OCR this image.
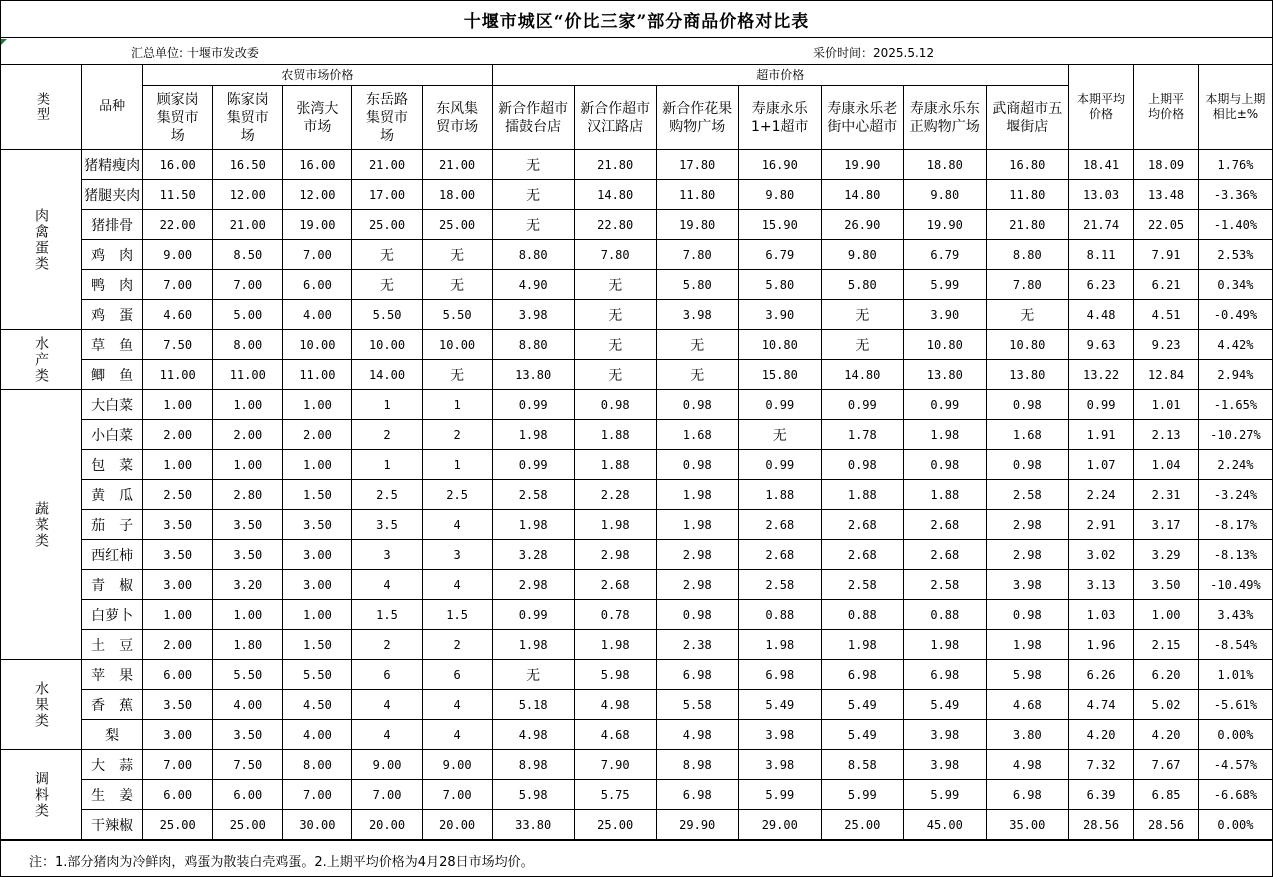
十堰市城区“价比三家”部分商品价格对比表
汇总单位: 十堰市发改委	采价时间：2025.5.12
类型	品种	农贸市场价格					超市价格							本期平均价格	上期平均价格	本期与上期相比±%
		顾家岗集贸市场	陈家岗集贸市场	张湾大市场	东岳路集贸市场	东风集贸市场	新合作超市擂鼓台店	新合作超市汉江路店	新合作花果购物广场	寿康永乐1+1超市	寿康永乐老街中心超市	寿康永乐东正购物广场	武商超市五堰街店			
肉禽蛋类	猪精瘦肉	16.00	16.50	16.00	21.00	21.00	无	21.80	17.80	16.90	19.90	18.80	16.80	18.41	18.09	1.76%
	猪腿夹肉	11.50	12.00	12.00	17.00	18.00	无	14.80	11.80	9.80	14.80	9.80	11.80	13.03	13.48	-3.36%
	猪排骨	22.00	21.00	19.00	25.00	25.00	无	22.80	19.80	15.90	26.90	19.90	21.80	21.74	22.05	-1.40%
	鸡　肉	9.00	8.50	7.00	无	无	8.80	7.80	7.80	6.79	9.80	6.79	8.80	8.11	7.91	2.53%
	鸭　肉	7.00	7.00	6.00	无	无	4.90	无	5.80	5.80	5.80	5.99	7.80	6.23	6.21	0.34%
	鸡　蛋	4.60	5.00	4.00	5.50	5.50	3.98	无	3.98	3.90	无	3.90	无	4.48	4.51	-0.49%
水产类	草　鱼	7.50	8.00	10.00	10.00	10.00	8.80	无	无	10.80	无	10.80	10.80	9.63	9.23	4.42%
	鲫　鱼	11.00	11.00	11.00	14.00	无	13.80	无	无	15.80	14.80	13.80	13.80	13.22	12.84	2.94%
蔬菜类	大白菜	1.00	1.00	1.00	1	1	0.99	0.98	0.98	0.99	0.99	0.99	0.98	0.99	1.01	-1.65%
	小白菜	2.00	2.00	2.00	2	2	1.98	1.88	1.68	无	1.78	1.98	1.68	1.91	2.13	-10.27%
	包　菜	1.00	1.00	1.00	1	1	0.99	1.88	0.98	0.99	0.98	0.98	0.98	1.07	1.04	2.24%
	黄　瓜	2.50	2.80	1.50	2.5	2.5	2.58	2.28	1.98	1.88	1.88	1.88	2.58	2.24	2.31	-3.24%
	茄　子	3.50	3.50	3.50	3.5	4	1.98	1.98	1.98	2.68	2.68	2.68	2.98	2.91	3.17	-8.17%
	西红柿	3.50	3.50	3.00	3	3	3.28	2.98	2.98	2.68	2.68	2.68	2.98	3.02	3.29	-8.13%
	青　椒	3.00	3.20	3.00	4	4	2.98	2.68	2.98	2.58	2.58	2.58	3.98	3.13	3.50	-10.49%
	白萝卜	1.00	1.00	1.00	1.5	1.5	0.99	0.78	0.98	0.88	0.88	0.88	0.98	1.03	1.00	3.43%
	土　豆	2.00	1.80	1.50	2	2	1.98	1.98	2.38	1.98	1.98	1.98	1.98	1.96	2.15	-8.54%
水果类	苹　果	6.00	5.50	5.50	6	6	无	5.98	6.98	6.98	6.98	6.98	5.98	6.26	6.20	1.01%
	香　蕉	3.50	4.00	4.50	4	4	5.18	4.98	5.58	5.49	5.49	5.49	4.68	4.74	5.02	-5.61%
	梨	3.00	3.50	4.00	4	4	4.98	4.68	4.98	3.98	5.49	3.98	3.80	4.20	4.20	0.00%
调料类	大　蒜	7.00	7.50	8.00	9.00	9.00	8.98	7.90	8.98	3.98	8.58	3.98	4.98	7.32	7.67	-4.57%
	生　姜	6.00	6.00	7.00	7.00	7.00	5.98	5.75	6.98	5.99	5.99	5.99	6.98	6.39	6.85	-6.68%
	干辣椒	25.00	25.00	30.00	20.00	20.00	33.80	25.00	29.90	29.00	25.00	45.00	35.00	28.56	28.56	0.00%
注：1.部分猪肉为冷鲜肉，鸡蛋为散装白壳鸡蛋。2.上期平均价格为4月28日市场均价。
